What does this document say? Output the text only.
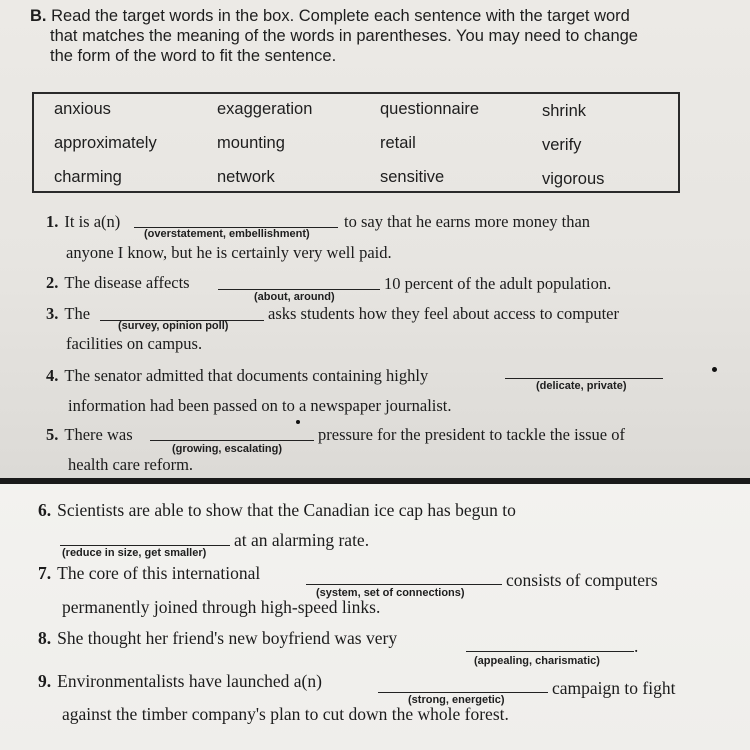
B. Read the target words in the box. Complete each sentence with the target word
that matches the meaning of the words in parentheses. You may need to change
the form of the word to fit the sentence.
anxious	exaggeration	questionnaire	shrink
approximately	mounting	retail	verify
charming	network	sensitive	vigorous
1. It is a(n)
(overstatement, embellishment)
to say that he earns more money than
anyone I know, but he is certainly very well paid.
2. The disease affects
(about, around)
10 percent of the adult population.
3. The
(survey, opinion poll)
asks students how they feel about access to computer
facilities on campus.
4. The senator admitted that documents containing highly
(delicate, private)
information had been passed on to a newspaper journalist.
5. There was
(growing, escalating)
pressure for the president to tackle the issue of
health care reform.
6. Scientists are able to show that the Canadian ice cap has begun to
(reduce in size, get smaller)
at an alarming rate.
7. The core of this international
(system, set of connections)
consists of computers
permanently joined through high-speed links.
8. She thought her friend's new boyfriend was very
(appealing, charismatic)
.
9. Environmentalists have launched a(n)
(strong, energetic)
campaign to fight
against the timber company's plan to cut down the whole forest.
